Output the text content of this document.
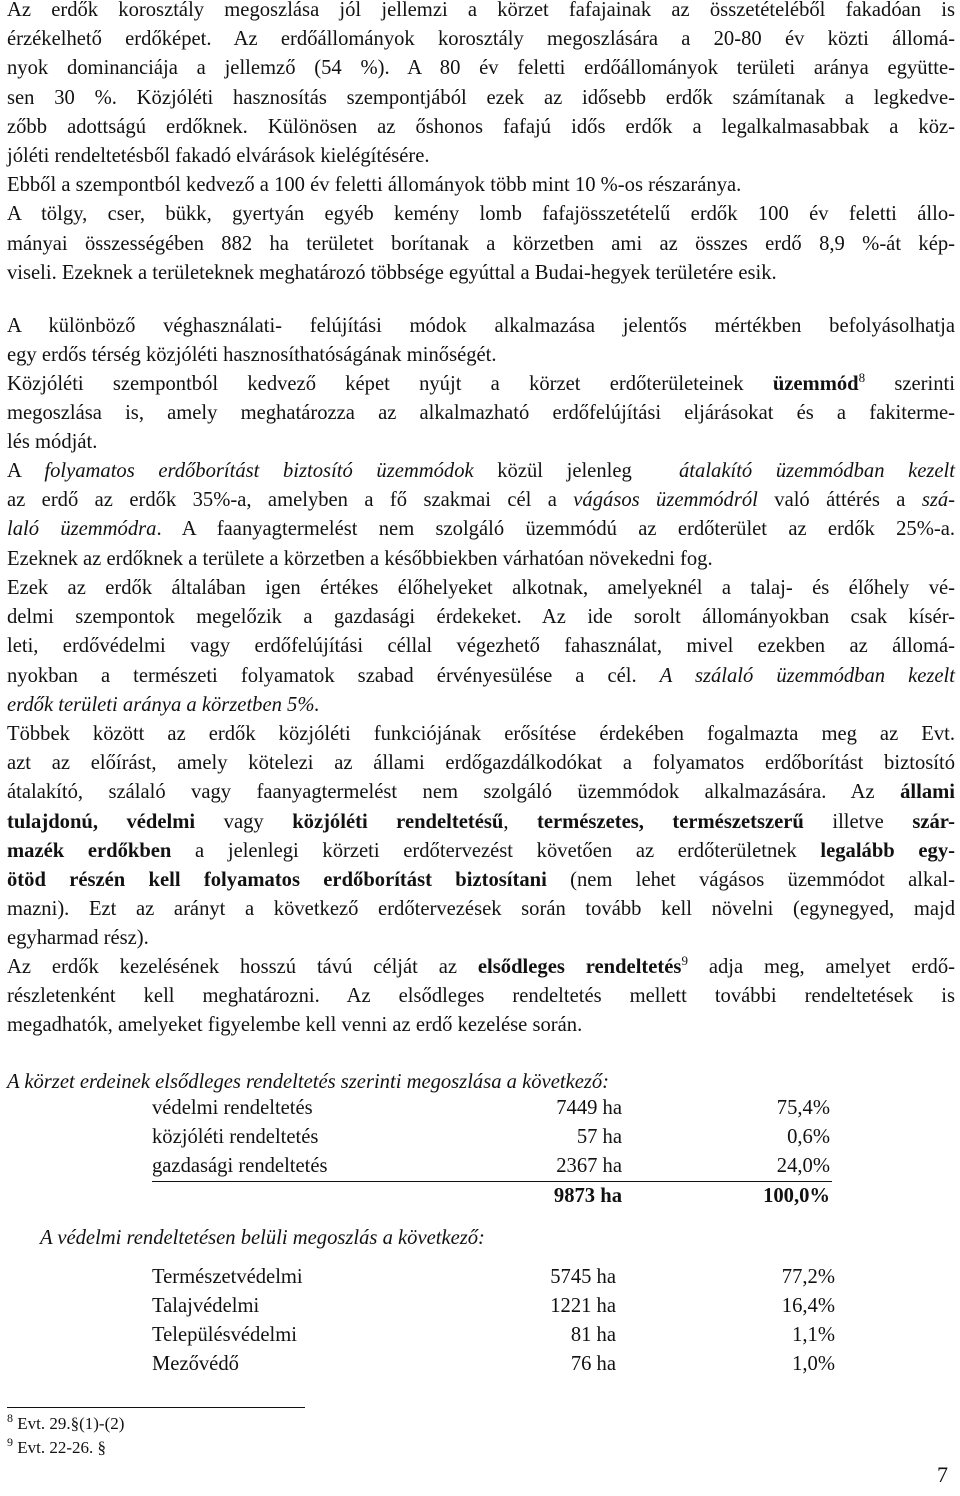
Az erdők korosztály megoszlása jól jellemzi a körzet fafajainak az összetételéből fakadóan is
érzékelhető erdőképet. Az erdőállományok korosztály megoszlására a 20-80 év közti állomá-
nyok dominanciája a jellemző (54 %). A 80 év feletti erdőállományok területi aránya együtte-
sen 30 %. Közjóléti hasznosítás szempontjából ezek az idősebb erdők számítanak a legkedve-
zőbb adottságú erdőknek. Különösen az őshonos fafajú idős erdők a legalkalmasabbak a köz-
jóléti rendeltetésből fakadó elvárások kielégítésére.
Ebből a szempontból kedvező a 100 év feletti állományok több mint 10 %-os részaránya.
A tölgy, cser, bükk, gyertyán egyéb kemény lomb fafajösszetételű erdők 100 év feletti állo-
mányai összességében 882 ha területet borítanak a körzetben ami az összes erdő 8,9 %-át kép-
viseli. Ezeknek a területeknek meghatározó többsége egyúttal a Budai-hegyek területére esik.
A különböző véghasználati- felújítási módok alkalmazása jelentős mértékben befolyásolhatja
egy erdős térség közjóléti hasznosíthatóságának minőségét.
Közjóléti szempontból kedvező képet nyújt a körzet erdőterületeinek üzemmód$^8$ szerinti
megoszlása is, amely meghatározza az alkalmazható erdőfelújítási eljárásokat és a fakiterme-
lés módját.
A folyamatos erdőborítást biztosító üzemmódok közül jelenleg  átalakító üzemmódban kezelt
az erdő az erdők 35%-a, amelyben a fő szakmai cél a vágásos üzemmódról való áttérés a szá-
laló üzemmódra. A faanyagtermelést nem szolgáló üzemmódú az erdőterület az erdők 25%-a.
Ezeknek az erdőknek a területe a körzetben a későbbiekben várhatóan növekedni fog.
Ezek az erdők általában igen értékes élőhelyeket alkotnak, amelyeknél a talaj- és élőhely vé-
delmi szempontok megelőzik a gazdasági érdekeket. Az ide sorolt állományokban csak kísér-
leti, erdővédelmi vagy erdőfelújítási céllal végezhető fahasználat, mivel ezekben az állomá-
nyokban a természeti folyamatok szabad érvényesülése a cél. A szálaló üzemmódban kezelt
erdők területi aránya a körzetben 5%.
Többek között az erdők közjóléti funkciójának erősítése érdekében fogalmazta meg az Evt.
azt az előírást, amely kötelezi az állami erdőgazdálkodókat a folyamatos erdőborítást biztosító
átalakító, szálaló vagy faanyagtermelést nem szolgáló üzemmódok alkalmazására. Az állami
tulajdonú, védelmi vagy közjóléti rendeltetésű, természetes, természetszerű illetve szár-
mazék erdőkben a jelenlegi körzeti erdőtervezést követően az erdőterületnek legalább egy-
ötöd részén kell folyamatos erdőborítást biztosítani (nem lehet vágásos üzemmódot alkal-
mazni). Ezt az arányt a következő erdőtervezések során tovább kell növelni (egynegyed, majd
egyharmad rész).
Az erdők kezelésének hosszú távú célját az elsődleges rendeltetés$^9$ adja meg, amelyet erdő-
részletenként kell meghatározni. Az elsődleges rendeltetés mellett további rendeltetések is
megadhatók, amelyeket figyelembe kell venni az erdő kezelése során.
A körzet erdeinek elsődleges rendeltetés szerinti megoszlása a következő:
védelmi rendeltetés	7449 ha	75,4%
közjóléti rendeltetés	57 ha	0,6%
gazdasági rendeltetés	2367 ha	24,0%
9873 ha	100,0%
A védelmi rendeltetésen belüli megoszlás a következő:
Természetvédelmi	5745 ha	77,2%
Talajvédelmi	1221 ha	16,4%
Településvédelmi	81 ha	1,1%
Mezővédő	76 ha	1,0%
$^8$ Evt. 29.§(1)-(2)
$^9$ Evt. 22-26. §
7
